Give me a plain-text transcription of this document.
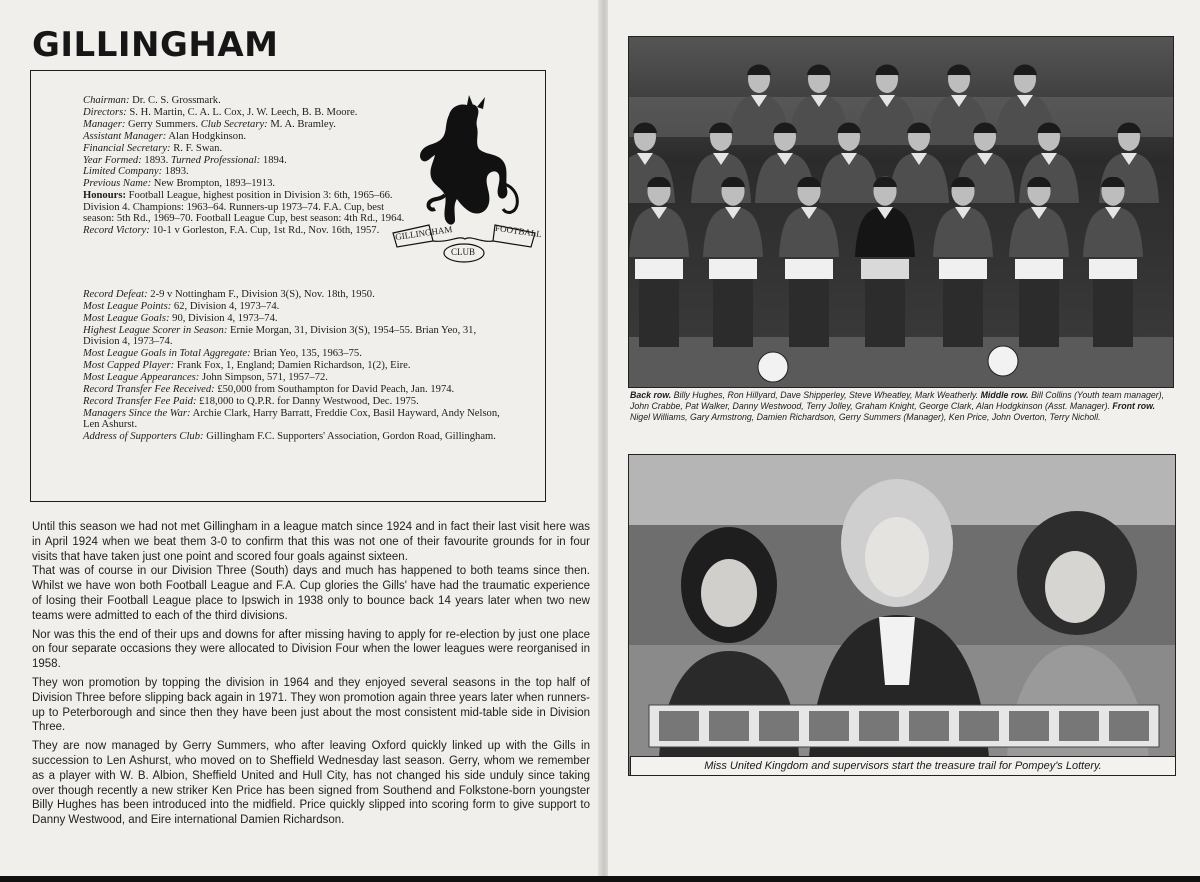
GILLINGHAM

Chairman: Dr. C. S. Grossmark.

Directors: S. H. Martin, C. A. L. Cox, J. W. Leech, B. B. Moore.

Manager: Gerry Summers. Club Secretary: M. A. Bramley.

Assistant Manager: Alan Hodgkinson.

Financial Secretary: R. F. Swan.

Year Formed: 1893. Turned Professional: 1894.

Limited Company: 1893.

Previous Name: New Brompton, 1893–1913.

Honours: Football League, highest position in Division 3: 6th, 1965–66. Division 4. Champions: 1963–64. Runners-up 1973–74. F.A. Cup, best season: 5th Rd., 1969–70. Football League Cup, best season: 4th Rd., 1964.

Record Victory: 10-1 v Gorleston, F.A. Cup, 1st Rd., Nov. 16th, 1957.	GILLINGHAM	FOOTBALL
CLUB

Record Defeat: 2-9 v Nottingham F., Division 3(S), Nov. 18th, 1950.

Most League Points: 62, Division 4, 1973–74.

Most League Goals: 90, Division 4, 1973–74.

Highest League Scorer in Season: Ernie Morgan, 31, Division 3(S), 1954–55. Brian Yeo, 31, Division 4, 1973–74.

Most League Goals in Total Aggregate: Brian Yeo, 135, 1963–75.

Most Capped Player: Frank Fox, 1, England; Damien Richardson, 1(2), Eire.

Most League Appearances: John Simpson, 571, 1957–72.

Record Transfer Fee Received: £50,000 from Southampton for David Peach, Jan. 1974.

Record Transfer Fee Paid: £18,000 to Q.P.R. for Danny Westwood, Dec. 1975.

Managers Since the War: Archie Clark, Harry Barratt, Freddie Cox, Basil Hayward, Andy Nelson, Len Ashurst.

Address of Supporters Club: Gillingham F.C. Supporters' Association, Gordon Road, Gillingham.

Until this season we had not met Gillingham in a league match since 1924 and in fact their last visit here was in April 1924 when we beat them 3-0 to confirm that this was not one of their favourite grounds for in four visits that have taken just one point and scored four goals against sixteen.

That was of course in our Division Three (South) days and much has happened to both teams since then. Whilst we have won both Football League and F.A. Cup glories the Gills' have had the traumatic experience of losing their Football League place to Ipswich in 1938 only to bounce back 14 years later when two new teams were admitted to each of the third divisions.

Nor was this the end of their ups and downs for after missing having to apply for re-election by just one place on four separate occasions they were allocated to Division Four when the lower leagues were reorganised in 1958.

They won promotion by topping the division in 1964 and they enjoyed several seasons in the top half of Division Three before slipping back again in 1971. They won promotion again three years later when runners-up to Peterborough and since then they have been just about the most consistent mid-table side in Division Three.

They are now managed by Gerry Summers, who after leaving Oxford quickly linked up with the Gills in succession to Len Ashurst, who moved on to Sheffield Wednesday last season. Gerry, whom we remember as a player with W. B. Albion, Sheffield United and Hull City, has not changed his side unduly since taking over though recently a new striker Ken Price has been signed from Southend and Folkstone-born youngster Billy Hughes has been introduced into the midfield. Price quickly slipped into scoring form to give support to Danny Westwood, and Eire international Damien Richardson.

Back row. Billy Hughes, Ron Hillyard, Dave Shipperley, Steve Wheatley, Mark Weatherly. Middle row. Bill Collins (Youth team manager), John Crabbe, Pat Walker, Danny Westwood, Terry Jolley, Graham Knight, George Clark, Alan Hodgkinson (Asst. Manager). Front row. Nigel Williams, Gary Armstrong, Damien Richardson, Gerry Summers (Manager), Ken Price, John Overton, Terry Nicholl.
Miss United Kingdom and supervisors start the treasure trail for Pompey's Lottery.
